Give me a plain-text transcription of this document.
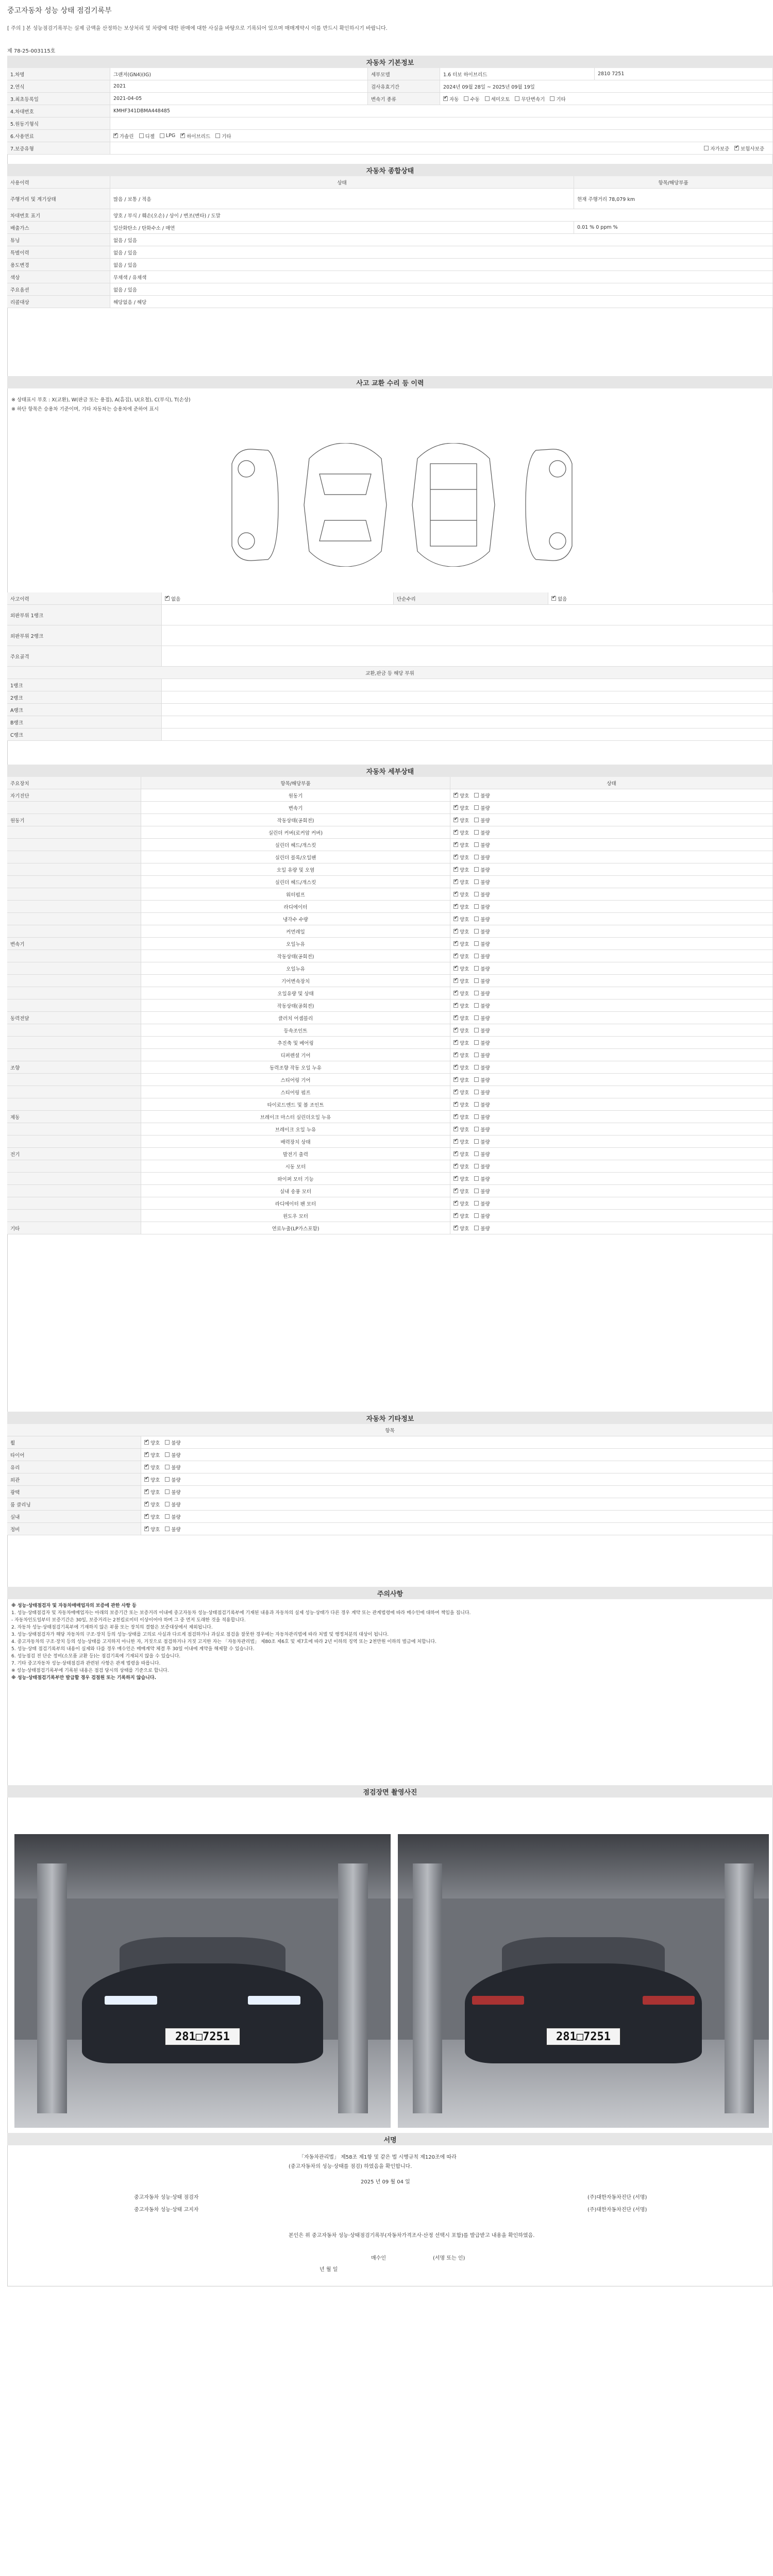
중고자동차 성능 상태 점검기록부
[ 주의 ] 본 성능점검기록부는 실제 금액을 산정하는 보상처리 및 차량에 대한 판매에 대한 사실을 바탕으로 기록되어 있으며 매매계약시 이를 반드시 확인하시기 바랍니다.
제 78-25-003115호
자동차 기본정보
1.차명	그랜저(GN4)(IG)	세부모델	1.6 터보 하이브리드	2810 7251
2.연식	2021	검사유효기간	2024년 09월 28일 ~ 2025년 09월 19일
3.최초등록일	2021-04-05	변속기 종류 ✔	자동 수동 세미오토 무단변속기 기타
4.차대번호	KMHF341DBMA448485
5.원동기형식
6.사용연료 ✔	가솔린 디젤 LPG ✔ 하이브리드 기타
7.보증유형	자가보증 ✔ 보험사보증
자동차 종합상태
사용이력	상태	항목/해당부품
주행거리 및 계기상태	많음 / 보통 / 적음	현재 주행거리 78,079 km
차대번호 표기	양호 / 부식 / 훼손(오손) / 상이 / 변조(변타) / 도말
배출가스	일산화탄소 / 탄화수소 / 매연	0.01 % 0 ppm %
튜닝	없음 / 있음
특별이력	없음 / 있음
용도변경	없음 / 있음
색상	무채색 / 유채색
주요옵션	없음 / 있음
리콜대상	해당없음 / 해당
사고 교환 수리 등 이력
※ 상태표시 부호 : X(교환), W(판금 또는 용접), A(흠집), U(요철), C(부식), T(손상)
※ 하단 항목은 승용차 기준이며, 기타 자동차는 승용차에 준하여 표시
사고이력 ✔	없음	단순수리 ✔	없음
외판부위 1랭크
외판부위 2랭크
주요골격
교환,판금 등 해당 부위
1랭크
2랭크
A랭크
B랭크
C랭크
자동차 세부상태
주요장치	항목/해당부품	상태
자기진단	원동기 ✔	양호 불량
변속기 ✔	양호 불량
원동기	작동상태(공회전) ✔	양호 불량
실린더 커버(로커암 커버) ✔	양호 불량
실린더 헤드/개스킷 ✔	양호 불량
실린더 블록/오일팬 ✔	양호 불량
오일 유량 및 오염 ✔	양호 불량
실린더 헤드/개스킷 ✔	양호 불량
워터펌프 ✔	양호 불량
라디에이터 ✔	양호 불량
냉각수 수량 ✔	양호 불량
커먼레일 ✔	양호 불량
변속기	오일누유 ✔	양호 불량
작동상태(공회전) ✔	양호 불량
오일누유 ✔	양호 불량
기어변속장치 ✔	양호 불량
오일유량 및 상태 ✔	양호 불량
작동상태(공회전) ✔	양호 불량
동력전달	클러치 어셈블리 ✔	양호 불량
등속조인트 ✔	양호 불량
추진축 및 베어링 ✔	양호 불량
디퍼렌셜 기어 ✔	양호 불량
조향	동력조향 작동 오일 누유 ✔	양호 불량
스티어링 기어 ✔	양호 불량
스티어링 펌프 ✔	양호 불량
타이로드엔드 및 볼 조인트 ✔	양호 불량
제동	브레이크 마스터 실린더오일 누유 ✔	양호 불량
브레이크 오일 누유 ✔	양호 불량
배력장치 상태 ✔	양호 불량
전기	발전기 출력 ✔	양호 불량
시동 모터 ✔	양호 불량
와이퍼 모터 기능 ✔	양호 불량
실내 송풍 모터 ✔	양호 불량
라디에이터 팬 모터 ✔	양호 불량
윈도우 모터 ✔	양호 불량
기타	연료누출(LP가스포함) ✔	양호 불량
자동차 기타정보
항목
휠 ✔	양호 불량
타이어 ✔	양호 불량
유리 ✔	양호 불량
외관 ✔	양호 불량
광택 ✔	양호 불량
룸 클리닝 ✔	양호 불량
실내 ✔	양호 불량
정비 ✔	양호 불량
주의사항
※ 성능·상태점검자 및 자동차매매업자의 보증에 관한 사항 등
1. 성능·상태점검자 및 자동차매매업자는 아래의 보증기간 또는 보증거리 이내에 중고자동차 성능·상태점검기록부에 기재된 내용과 자동차의 실제 성능·상태가 다른 경우 계약 또는 관계법령에 따라 매수인에 대하여 책임을 집니다.
- 자동차인도일부터 보증기간은 30일, 보증거리는 2천킬로미터 이상이어야 하며 그 중 먼저 도래한 것을 적용합니다.
2. 자동차 성능·상태점검기록부에 기재하지 않은 부품 또는 장치의 결함은 보증대상에서 제외됩니다.
3. 성능·상태점검자가 해당 자동차의 구조·장치 등의 성능·상태를 고의로 사실과 다르게 점검하거나 과실로 점검을 잘못한 경우에는 자동차관리법에 따라 처벌 및 행정처분의 대상이 됩니다.
4. 중고자동차의 구조·장치 등의 성능·상태를 고지하지 아니한 자, 거짓으로 점검하거나 거짓 고지한 자는 「자동차관리법」 제80조 제6호 및 제7호에 따라 2년 이하의 징역 또는 2천만원 이하의 벌금에 처합니다.
5. 성능·상태 점검기록부의 내용이 실제와 다를 경우 매수인은 매매계약 체결 후 30일 이내에 계약을 해제할 수 있습니다.
6. 성능점검 전 단순 정비(소모품 교환 등)는 점검기록에 기재되지 않을 수 있습니다.
7. 기타 중고자동차 성능·상태점검과 관련된 사항은 관계 법령을 따릅니다.
※ 성능·상태점검기록부에 기록된 내용은 점검 당시의 상태를 기준으로 합니다.
※ 성능·상태점검기록부만 발급할 경우 검점원 또는 기록하지 않습니다.
점검장면 촬영사진
281□7251	281□7251
서명
「자동차관리법」 제58조 제1항 및 같은 법 시행규칙 제120조에 따라
(중고자동차의 성능·상태를 점검) 하였음을 확인합니다.
2025 년 09 월 04 일
중고자동차 성능·상태 점검자	(주)대한자동차진단 (서명)
중고자동차 성능·상태 고지자	(주)대한자동차진단 (서명)
본인은 위 중고자동차 성능·상태점검기록부(자동차가격조사·산정 선택시 포함)를 발급받고 내용을 확인하였음.
매수인	(서명 또는 인)
년 월 일
